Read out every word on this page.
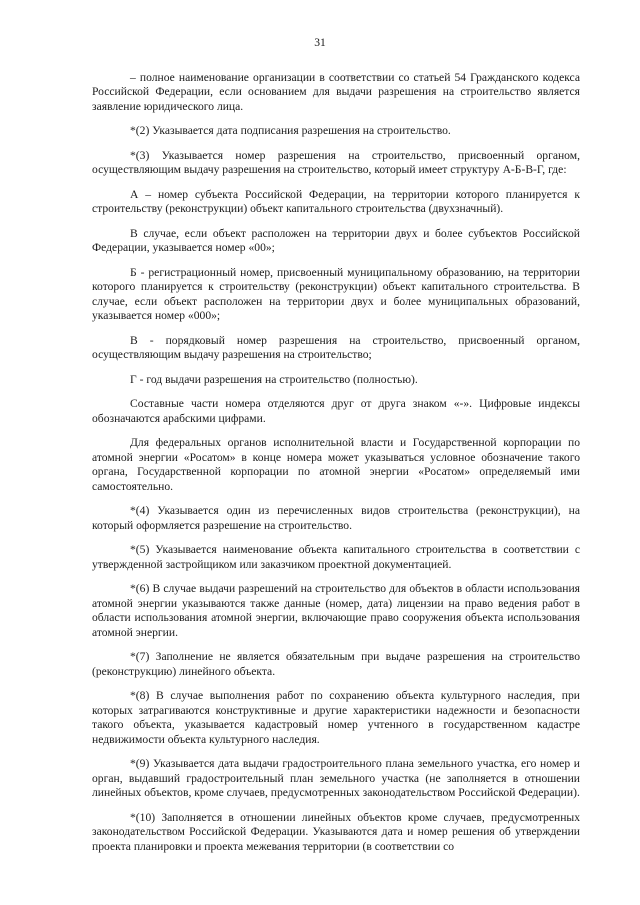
31

– полное наименование организации в соответствии со статьей 54 Гражданского кодекса Российской Федерации, если основанием для выдачи разрешения на строительство является заявление юридического лица.

*(2) Указывается дата подписания разрешения на строительство.

*(3) Указывается номер разрешения на строительство, присвоенный органом, осуществляющим выдачу разрешения на строительство, который имеет структуру А-Б-В-Г, где:

А – номер субъекта Российской Федерации, на территории которого планируется к строительству (реконструкции) объект капитального строительства (двухзначный).

В случае, если объект расположен на территории двух и более субъектов Российской Федерации, указывается номер «00»;

Б - регистрационный номер, присвоенный муниципальному образованию, на территории которого планируется к строительству (реконструкции) объект капитального строительства. В случае, если объект расположен на территории двух и более муниципальных образований, указывается номер «000»;

В - порядковый номер разрешения на строительство, присвоенный органом, осуществляющим выдачу разрешения на строительство;

Г - год выдачи разрешения на строительство (полностью).

Составные части номера отделяются друг от друга знаком «-». Цифровые индексы обозначаются арабскими цифрами.

Для федеральных органов исполнительной власти и Государственной корпорации по атомной энергии «Росатом» в конце номера может указываться условное обозначение такого органа, Государственной корпорации по атомной энергии «Росатом» определяемый ими самостоятельно.

*(4) Указывается один из перечисленных видов строительства (реконструкции), на который оформляется разрешение на строительство.

*(5) Указывается наименование объекта капитального строительства в соответствии с утвержденной застройщиком или заказчиком проектной документацией.

*(6) В случае выдачи разрешений на строительство для объектов в области использования атомной энергии указываются также данные (номер, дата) лицензии на право ведения работ в области использования атомной энергии, включающие право сооружения объекта использования атомной энергии.

*(7) Заполнение не является обязательным при выдаче разрешения на строительство (реконструкцию) линейного объекта.

*(8) В случае выполнения работ по сохранению объекта культурного наследия, при которых затрагиваются конструктивные и другие характеристики надежности и безопасности такого объекта, указывается кадастровый номер учтенного в государственном кадастре недвижимости объекта культурного наследия.

*(9) Указывается дата выдачи градостроительного плана земельного участка, его номер и орган, выдавший градостроительный план земельного участка (не заполняется в отношении линейных объектов, кроме случаев, предусмотренных законодательством Российской Федерации).

*(10) Заполняется в отношении линейных объектов кроме случаев, предусмотренных законодательством Российской Федерации. Указываются дата и номер решения об утверждении проекта планировки и проекта межевания территории (в соответствии со
